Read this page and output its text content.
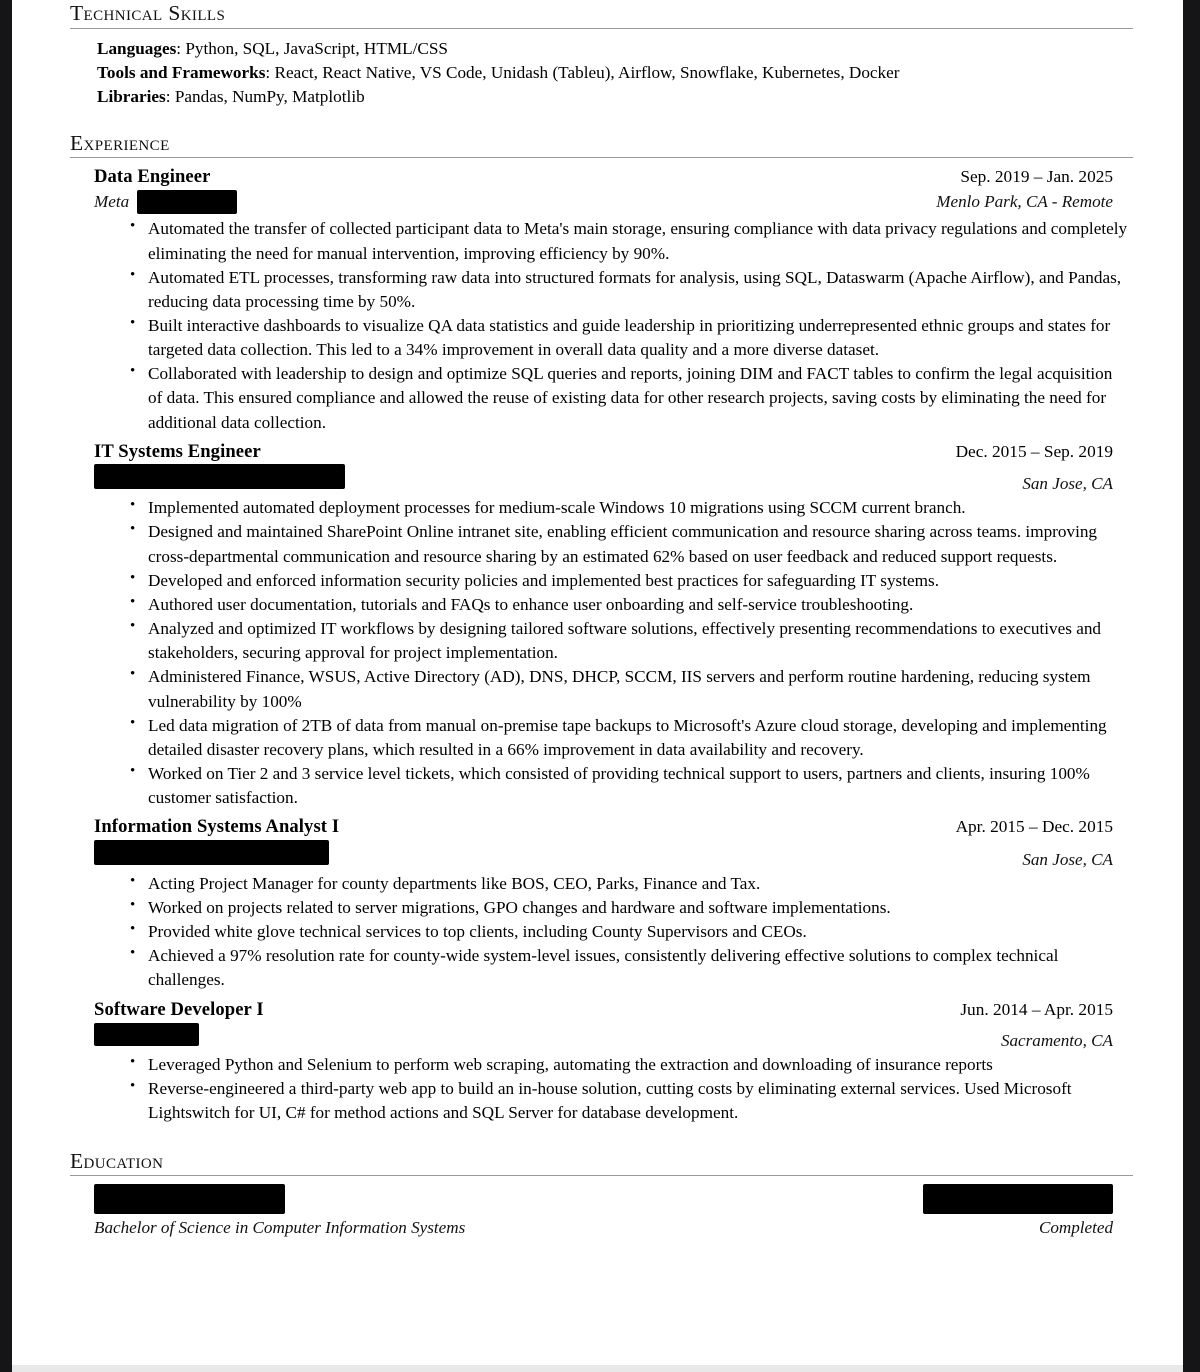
Technical Skills
Languages: Python, SQL, JavaScript, HTML/CSS
Tools and Frameworks: React, React Native, VS Code, Unidash (Tableu), Airflow, Snowflake, Kubernetes, Docker
Libraries: Pandas, NumPy, Matplotlib
Experience
Data Engineer	Sep. 2019 – Jan. 2025
Meta	Menlo Park, CA - Remote
• Automated the transfer of collected participant data to Meta's main storage, ensuring compliance with data privacy regulations and completely eliminating the need for manual intervention, improving efficiency by 90%.
• Automated ETL processes, transforming raw data into structured formats for analysis, using SQL, Dataswarm (Apache Airflow), and Pandas, reducing data processing time by 50%.
• Built interactive dashboards to visualize QA data statistics and guide leadership in prioritizing underrepresented ethnic groups and states for targeted data collection. This led to a 34% improvement in overall data quality and a more diverse dataset.
• Collaborated with leadership to design and optimize SQL queries and reports, joining DIM and FACT tables to confirm the legal acquisition of data. This ensured compliance and allowed the reuse of existing data for other research projects, saving costs by eliminating the need for additional data collection.
IT Systems Engineer	Dec. 2015 – Sep. 2019
San Jose, CA
• Implemented automated deployment processes for medium-scale Windows 10 migrations using SCCM current branch.
• Designed and maintained SharePoint Online intranet site, enabling efficient communication and resource sharing across teams. improving cross-departmental communication and resource sharing by an estimated 62% based on user feedback and reduced support requests.
• Developed and enforced information security policies and implemented best practices for safeguarding IT systems.
• Authored user documentation, tutorials and FAQs to enhance user onboarding and self-service troubleshooting.
• Analyzed and optimized IT workflows by designing tailored software solutions, effectively presenting recommendations to executives and stakeholders, securing approval for project implementation.
• Administered Finance, WSUS, Active Directory (AD), DNS, DHCP, SCCM, IIS servers and perform routine hardening, reducing system vulnerability by 100%
• Led data migration of 2TB of data from manual on-premise tape backups to Microsoft's Azure cloud storage, developing and implementing detailed disaster recovery plans, which resulted in a 66% improvement in data availability and recovery.
• Worked on Tier 2 and 3 service level tickets, which consisted of providing technical support to users, partners and clients, insuring 100% customer satisfaction.
Information Systems Analyst I	Apr. 2015 – Dec. 2015
San Jose, CA
• Acting Project Manager for county departments like BOS, CEO, Parks, Finance and Tax.
• Worked on projects related to server migrations, GPO changes and hardware and software implementations.
• Provided white glove technical services to top clients, including County Supervisors and CEOs.
• Achieved a 97% resolution rate for county-wide system-level issues, consistently delivering effective solutions to complex technical challenges.
Software Developer I	Jun. 2014 – Apr. 2015
Sacramento, CA
• Leveraged Python and Selenium to perform web scraping, automating the extraction and downloading of insurance reports
• Reverse-engineered a third-party web app to build an in-house solution, cutting costs by eliminating external services. Used Microsoft Lightswitch for UI, C# for method actions and SQL Server for database development.
Education
Bachelor of Science in Computer Information Systems	Completed
